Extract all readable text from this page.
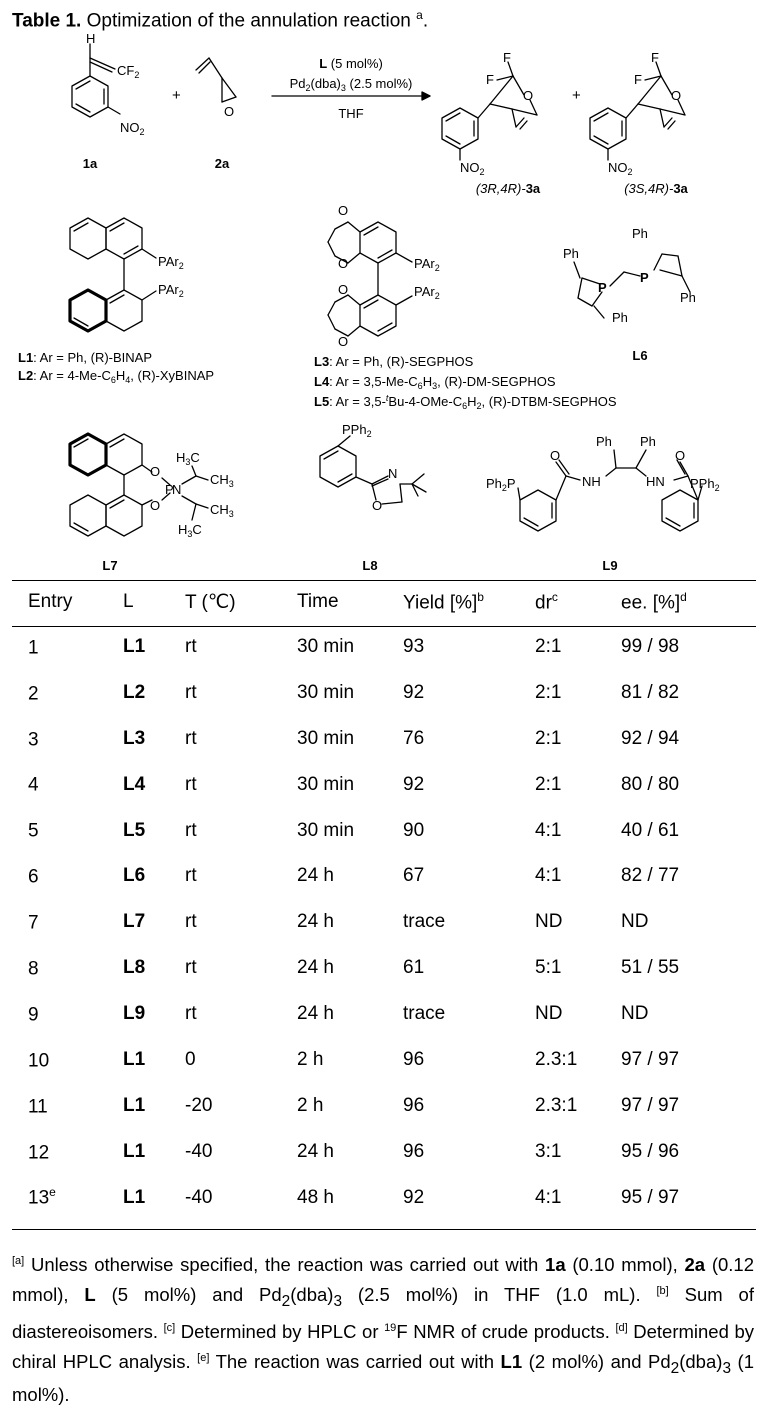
Table 1. Optimization of the annulation reaction $^a$.
H
$CF_2$
$NO_2$
1a
+
O
2a
L (5 mol%)
$Pd_2(dba)_3$ (2.5 mol%)
THF
F
F
O
$NO_2$
(3R,4R)-3a
+
F
F
O
$NO_2$
(3S,4R)-3a
PAr$_2$
PAr$_2$
PAr$_2$
PAr$_2$
O
O
O
O
Ph
P
Ph
P
Ph
Ph
L6
O
O
P
N
$H_3C$
$CH_3$
$CH_3$
$H_3C$
L7
PPh$_2$
N
O
L8
$Ph_2P$
O
NH	HN
Ph Ph
O
PPh$_2$
L9
L1: Ar = Ph, (R)-BINAP
L2: $Ar = 4-Me-C_6H_4$, (R)-XyBINAP
L3: Ar = Ph, (R)-SEGPHOS
L4: $Ar = 3,5-Me-C_6H_3$, (R)-DM-SEGPHOS
L5: $Ar = 3,5-^tBu-4-OMe-C_6H_2$, (R)-DTBM-SEGPHOS
Entry	L	T (℃)	Time	Yield [%]$^b$	$dr^c$	ee. [%]$^d$
1	L1	rt	30 min	93	2:1	99 / 98
2	L2	rt	30 min	92	2:1	81 / 82
3	L3	rt	30 min	76	2:1	92 / 94
4	L4	rt	30 min	92	2:1	80 / 80
5	L5	rt	30 min	90	4:1	40 / 61
6	L6	rt	24 h	67	4:1	82 / 77
7	L7	rt	24 h	trace	ND	ND
8	L8	rt	24 h	61	5:1	51 / 55
9	L9	rt	24 h	trace	ND	ND
10	L1	0	2 h	96	2.3:1	97 / 97
11	L1	-20	2 h	96	2.3:1	97 / 97
12	L1	-40	24 h	96	3:1	95 / 96
13e	L1	-40	48 h	92	4:1	95 / 97
[a] Unless otherwise specified, the reaction was carried out with 1a (0.10 mmol), 2a (0.12 mmol), L (5 mol%) and $Pd_2(dba)_3$ (2.5 mol%) in THF (1.0 mL). [b] Sum of diastereoisomers. [c] Determined by HPLC or $^{19}$F NMR of crude products. [d] Determined by chiral HPLC analysis. [e] The reaction was carried out with L1 (2 mol%) and $Pd_2(dba)_3$ (1 mol%).
